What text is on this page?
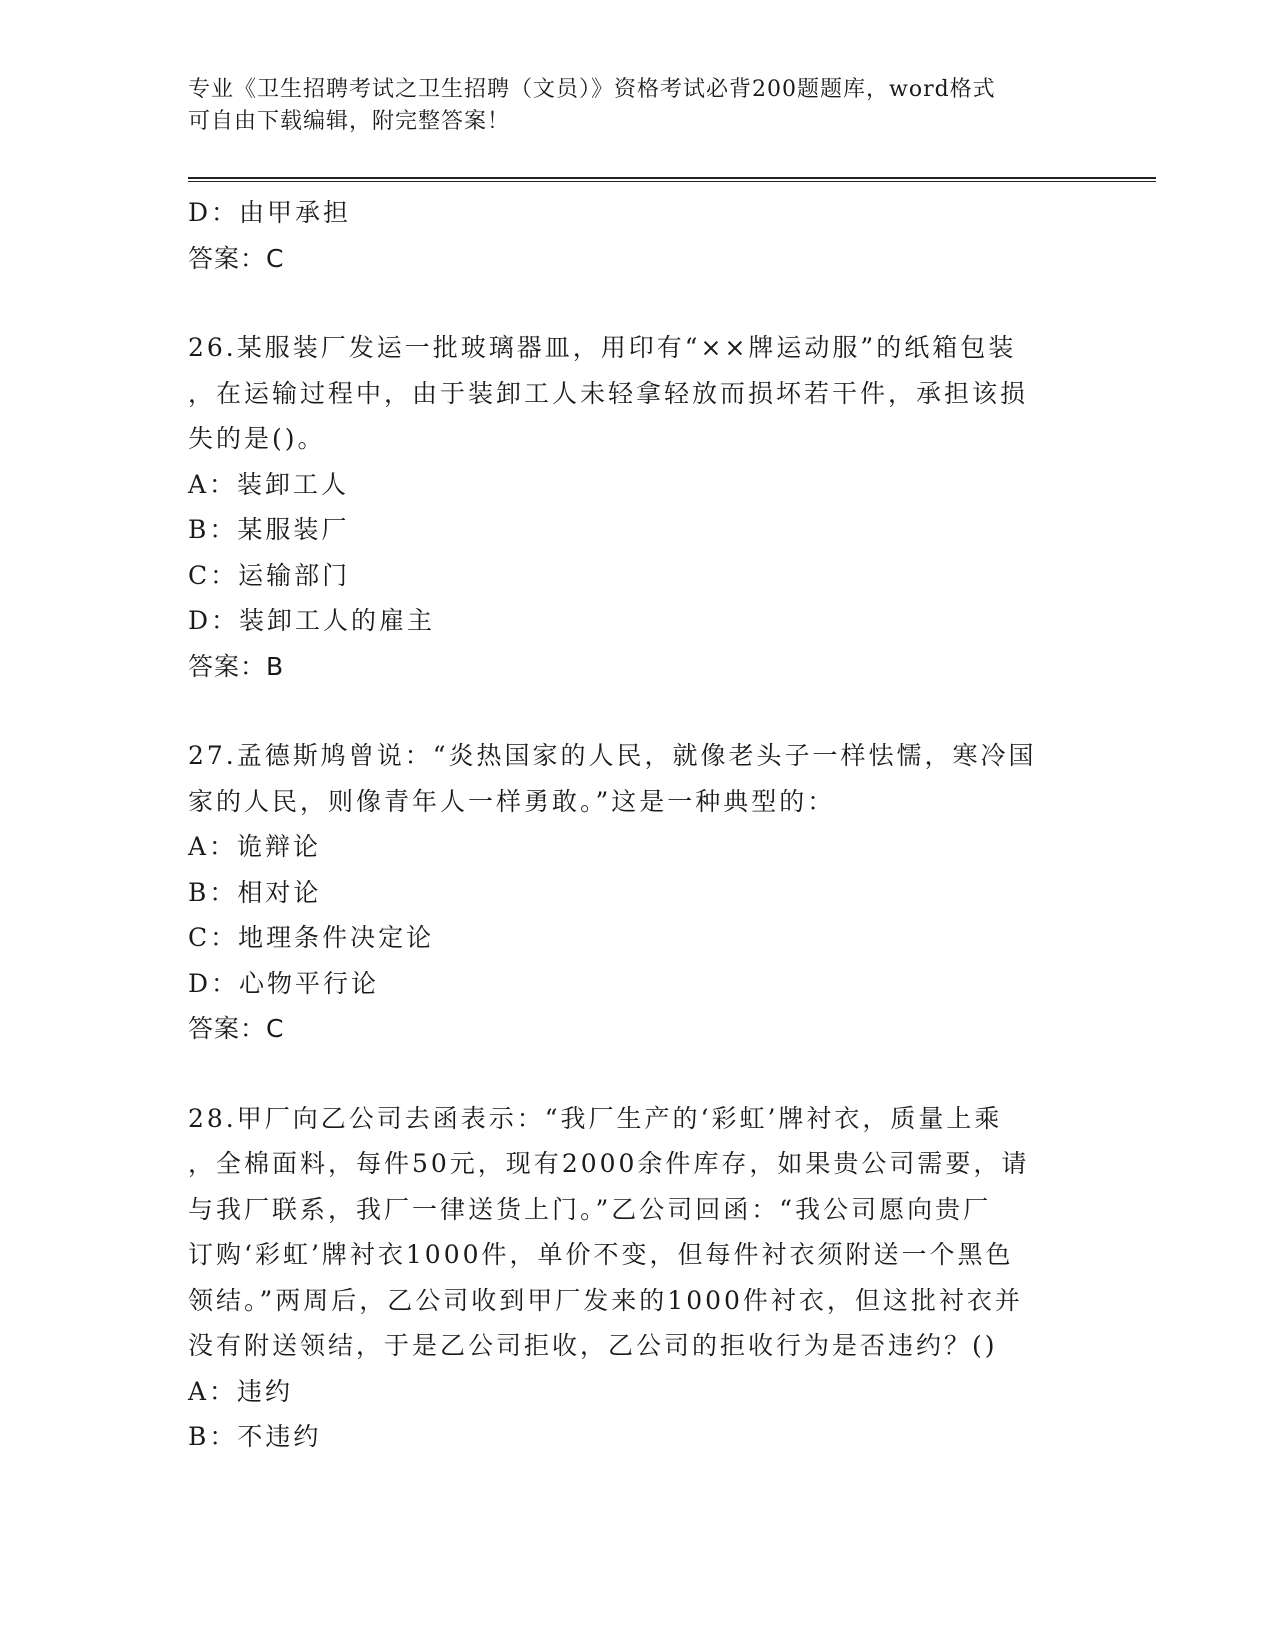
专业《卫生招聘考试之卫生招聘（文员）》资格考试必背200题题库，word格式
可自由下载编辑，附完整答案！
D：由甲承担
答案：C
26.某服装厂发运一批玻璃器皿，用印有“××牌运动服”的纸箱包装
，在运输过程中，由于装卸工人未轻拿轻放而损坏若干件，承担该损
失的是()。
A：装卸工人
B：某服装厂
C：运输部门
D：装卸工人的雇主
答案：B
27.孟德斯鸠曾说：“炎热国家的人民，就像老头子一样怯懦，寒冷国
家的人民，则像青年人一样勇敢。”这是一种典型的：
A：诡辩论
B：相对论
C：地理条件决定论
D：心物平行论
答案：C
28.甲厂向乙公司去函表示：“我厂生产的‘彩虹’牌衬衣，质量上乘
，全棉面料，每件50元，现有2000余件库存，如果贵公司需要，请
与我厂联系，我厂一律送货上门。”乙公司回函：“我公司愿向贵厂
订购‘彩虹’牌衬衣1000件，单价不变，但每件衬衣须附送一个黑色
领结。”两周后，乙公司收到甲厂发来的1000件衬衣，但这批衬衣并
没有附送领结，于是乙公司拒收，乙公司的拒收行为是否违约？()
A：违约
B：不违约
